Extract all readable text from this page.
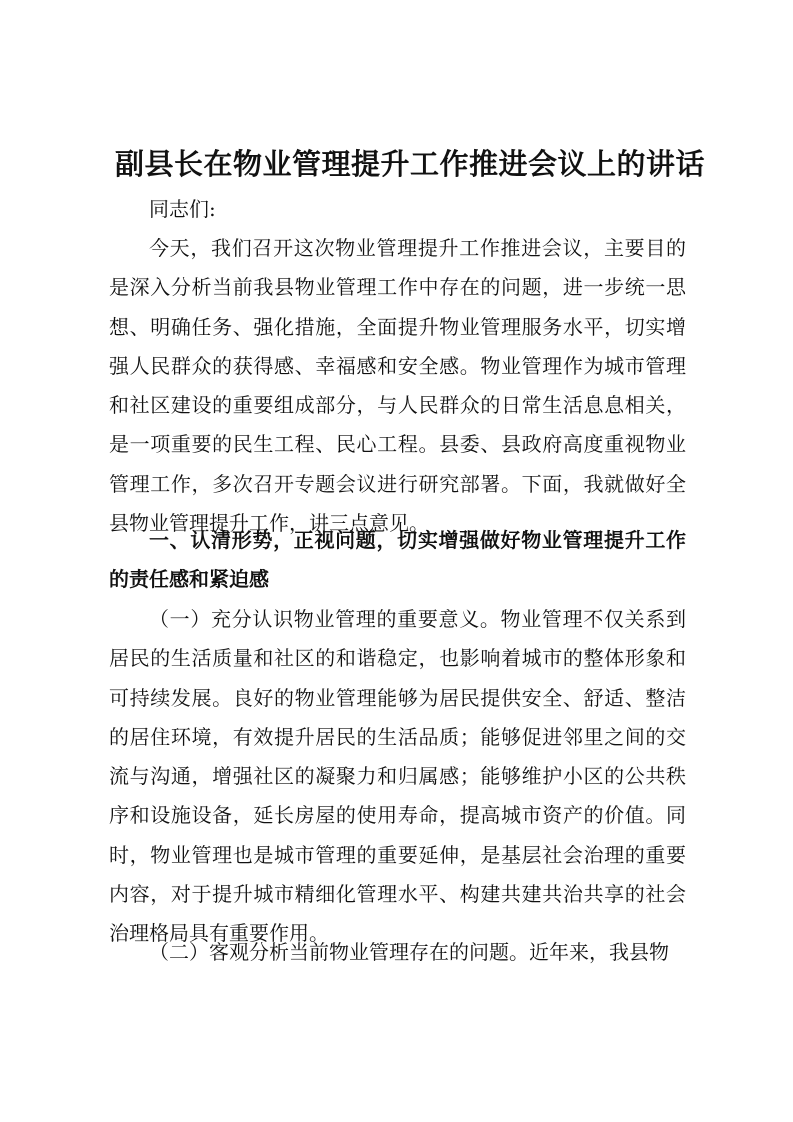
副县长在物业管理提升工作推进会议上的讲话

同志们:

今天，我们召开这次物业管理提升工作推进会议，主要目的是深入分析当前我县物业管理工作中存在的问题，进一步统一思想、明确任务、强化措施，全面提升物业管理服务水平，切实增强人民群众的获得感、幸福感和安全感。物业管理作为城市管理和社区建设的重要组成部分，与人民群众的日常生活息息相关，是一项重要的民生工程、民心工程。县委、县政府高度重视物业管理工作，多次召开专题会议进行研究部署。下面，我就做好全县物业管理提升工作，讲三点意见。

一、认清形势，正视问题，切实增强做好物业管理提升工作的责任感和紧迫感

（一）充分认识物业管理的重要意义。物业管理不仅关系到居民的生活质量和社区的和谐稳定，也影响着城市的整体形象和可持续发展。良好的物业管理能够为居民提供安全、舒适、整洁的居住环境，有效提升居民的生活品质；能够促进邻里之间的交流与沟通，增强社区的凝聚力和归属感；能够维护小区的公共秩序和设施设备，延长房屋的使用寿命，提高城市资产的价值。同时，物业管理也是城市管理的重要延伸，是基层社会治理的重要内容，对于提升城市精细化管理水平、构建共建共治共享的社会治理格局具有重要作用。

（二）客观分析当前物业管理存在的问题。近年来，我县物
